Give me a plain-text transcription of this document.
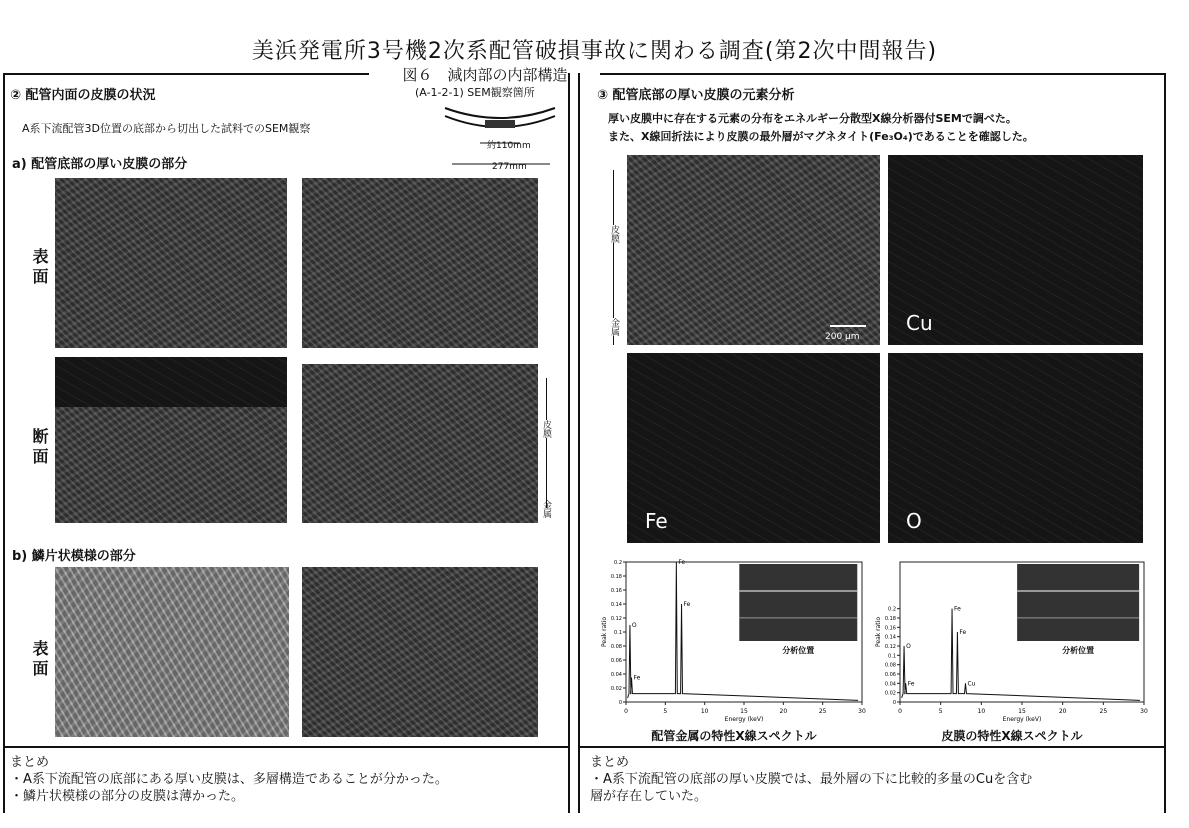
美浜発電所3号機2次系配管破損事故に関わる調査(第2次中間報告)
図６　減肉部の内部構造
② 配管内面の皮膜の状況	(A-1-2-1) SEM観察箇所
約110mm
277mm
A系下流配管3D位置の底部から切出した試料でのSEM観察
a) 配管底部の厚い皮膜の部分
表面
断面	皮膜
金属
b) 鱗片状模様の部分
表面
まとめ
・A系下流配管の底部にある厚い皮膜は、多層構造であることが分かった。
・鱗片状模様の部分の皮膜は薄かった。
③ 配管底部の厚い皮膜の元素分析
厚い皮膜中に存在する元素の分布をエネルギー分散型X線分析器付SEMで調べた。
また、X線回折法により皮膜の最外層がマグネタイト(Fe₃O₄)であることを確認した。
200 μm
皮膜
金属	Cu
Fe	O
0	5	10	15	20	25	30
0
0.02
0.04
0.06
0.08
0.1
0.12
0.14
0.16
0.18
0.2
Energy (keV)
Peak ratio	O
Fe
Fe
Fe
分析位置
0	5	10	15	20	25	30
0
0.02
0.04
0.06
0.08
0.1
0.12
0.14
0.16
0.18
0.2
Energy (keV)
Peak ratio	O
Fe
Fe
Fe
Cu
分析位置
配管金属の特性X線スペクトル	皮膜の特性X線スペクトル
まとめ
・A系下流配管の底部の厚い皮膜では、最外層の下に比較的多量のCuを含む
層が存在していた。
